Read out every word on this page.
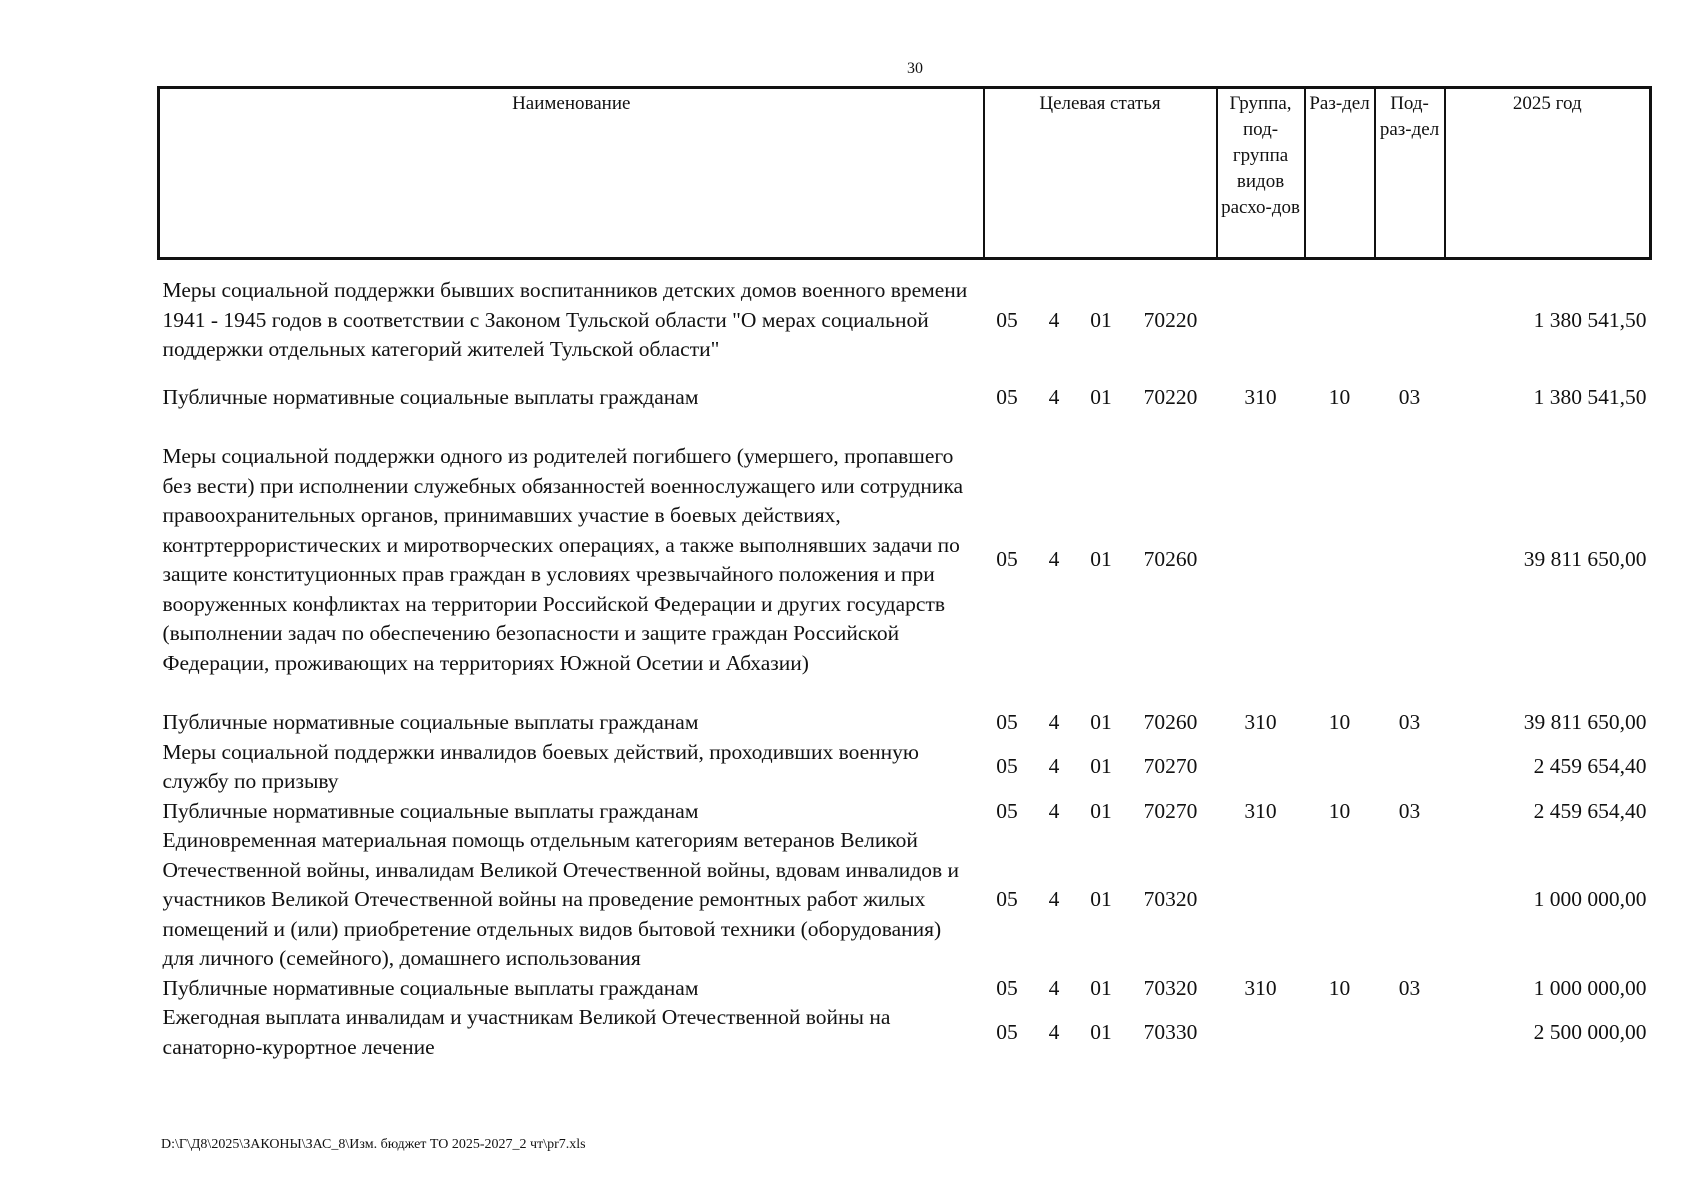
30
Наименование	Целевая статья				Группа, под-группа видов расхо-дов	Раз-дел	Под-раз-дел	2025 год

Меры социальной поддержки бывших воспитанников детских домов военного времени 1941 - 1945 годов в соответствии с Законом Тульской области "О мерах социальной поддержки отдельных категорий жителей Тульской области"	05	4	01	70220				1 380 541,50

Публичные нормативные социальные выплаты гражданам	05	4	01	70220	310	10	03	1 380 541,50

Меры социальной поддержки одного из родителей погибшего (умершего, пропавшего без вести) при исполнении служебных обязанностей военнослужащего или сотрудника правоохранительных органов, принимавших участие в боевых действиях, контртеррористических и миротворческих операциях, а также выполнявших задачи по защите конституционных прав граждан в условиях чрезвычайного положения и при вооруженных конфликтах на территории Российской Федерации и других государств (выполнении задач по обеспечению безопасности и защите граждан Российской Федерации, проживающих на территориях Южной Осетии и Абхазии)	05	4	01	70260				39 811 650,00

Публичные нормативные социальные выплаты гражданам	05	4	01	70260	310	10	03	39 811 650,00
Меры социальной поддержки инвалидов боевых действий, проходивших военную службу по призыву	05	4	01	70270				2 459 654,40
Публичные нормативные социальные выплаты гражданам	05	4	01	70270	310	10	03	2 459 654,40
Единовременная материальная помощь отдельным категориям ветеранов Великой Отечественной войны, инвалидам Великой Отечественной войны, вдовам инвалидов и участников Великой Отечественной войны на проведение ремонтных работ жилых помещений и (или) приобретение отдельных видов бытовой техники (оборудования) для личного (семейного), домашнего использования	05	4	01	70320				1 000 000,00
Публичные нормативные социальные выплаты гражданам	05	4	01	70320	310	10	03	1 000 000,00
Ежегодная выплата инвалидам и участникам Великой Отечественной войны на санаторно-курортное лечение	05	4	01	70330				2 500 000,00
D:\Г\Д8\2025\ЗАКОНЫ\ЗАС_8\Изм. бюджет ТО 2025-2027_2 чт\pr7.xls
